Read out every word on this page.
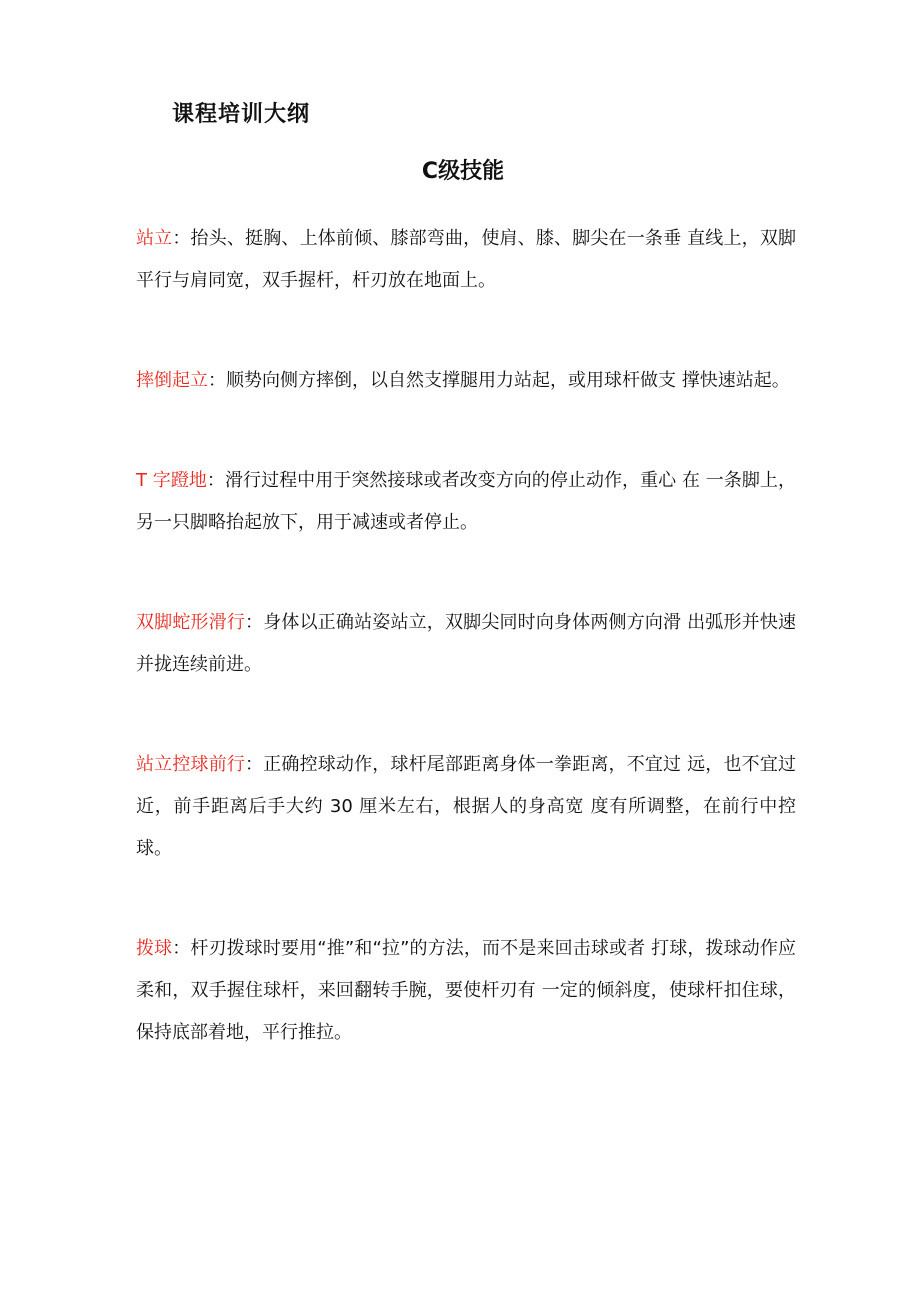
课程培训大纲
C级技能

站立：抬头、挺胸、上体前倾、膝部弯曲，使肩、膝、脚尖在一条垂 直线上，双脚平行与肩同宽，双手握杆，杆刃放在地面上。

摔倒起立：顺势向侧方摔倒，以自然支撑腿用力站起，或用球杆做支 撑快速站起。

T 字蹬地：滑行过程中用于突然接球或者改变方向的停止动作，重心 在 一条脚上，另一只脚略抬起放下，用于减速或者停止。

双脚蛇形滑行：身体以正确站姿站立，双脚尖同时向身体两侧方向滑 出弧形并快速并拢连续前进。

站立控球前行：正确控球动作，球杆尾部距离身体一拳距离，不宜过 远，也不宜过近，前手距离后手大约 30 厘米左右，根据人的身高宽 度有所调整，在前行中控球。

拨球：杆刃拨球时要用“推”和“拉”的方法，而不是来回击球或者 打球，拨球动作应柔和，双手握住球杆，来回翻转手腕，要使杆刃有 一定的倾斜度，使球杆扣住球，保持底部着地，平行推拉。
